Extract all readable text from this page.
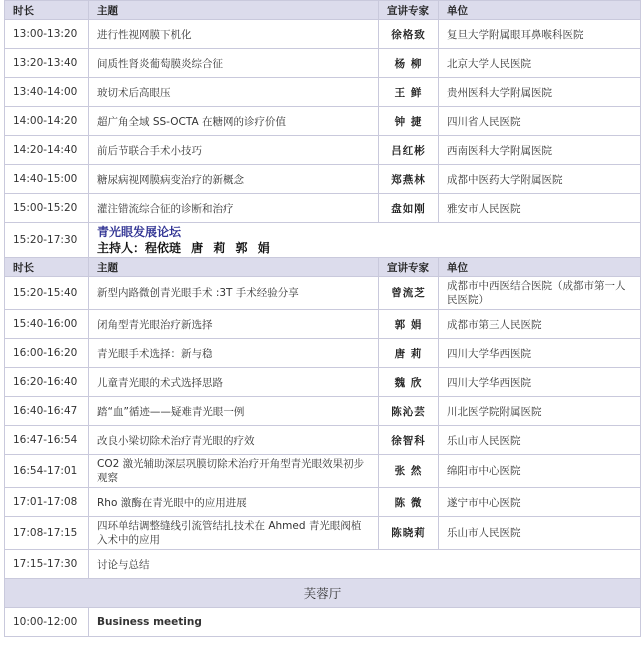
时长	主题	宣讲专家	单位
13:00-13:20	进行性视网膜下机化	徐格致	复旦大学附属眼耳鼻喉科医院
13:20-13:40	间质性肾炎葡萄膜炎综合征	杨 柳	北京大学人民医院
13:40-14:00	玻切术后高眼压	王 鲜	贵州医科大学附属医院
14:00-14:20	超广角全域 SS-OCTA 在糖网的诊疗价值	钟 捷	四川省人民医院
14:20-14:40	前后节联合手术小技巧	吕红彬	西南医科大学附属医院
14:40-15:00	糖尿病视网膜病变治疗的新概念	郑燕林	成都中医药大学附属医院
15:00-15:20	灌注错流综合征的诊断和治疗	盘如刚	雅安市人民医院
15:20-17:30	青光眼发展论坛
主持人：程依琏 唐 莉 郭 娟		

时长	主题	宣讲专家	单位
15:20-15:40	新型内路微创青光眼手术 :3T 手术经验分享	曾流芝	成都市中西医结合医院（成都市第一人民医院）
15:40-16:00	闭角型青光眼治疗新选择	郭 娟	成都市第三人民医院
16:00-16:20	青光眼手术选择：新与稳	唐 莉	四川大学华西医院
16:20-16:40	儿童青光眼的术式选择思路	魏 欣	四川大学华西医院
16:40-16:47	踏“血”循迹——疑难青光眼一例	陈沁芸	川北医学院附属医院
16:47-16:54	改良小梁切除术治疗青光眼的疗效	徐智科	乐山市人民医院
16:54-17:01	CO2 激光辅助深层巩膜切除术治疗开角型青光眼效果初步观察	张 然	绵阳市中心医院
17:01-17:08	Rho 激酶在青光眼中的应用进展	陈 微	遂宁市中心医院
17:08-17:15	四环单结调整缝线引流管结扎技术在 Ahmed 青光眼阀植入术中的应用	陈晓莉	乐山市人民医院
17:15-17:30	讨论与总结		
芙蓉厅			
10:00-12:00	Business meeting		
